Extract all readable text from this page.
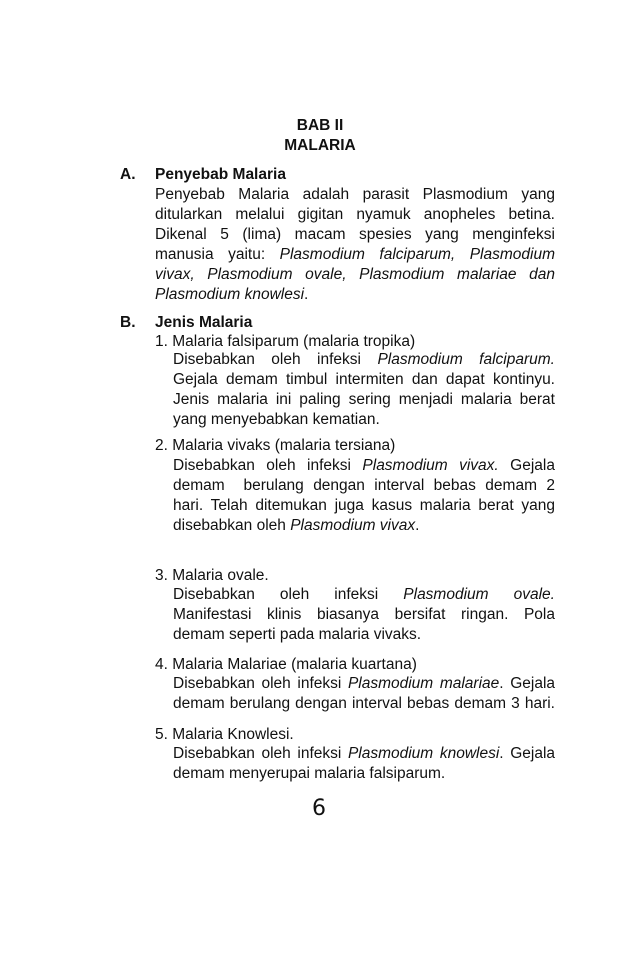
BAB II
MALARIA
A. Penyebab Malaria
Penyebab Malaria adalah parasit Plasmodium yang
ditularkan melalui gigitan nyamuk anopheles betina.
Dikenal 5 (lima) macam spesies yang menginfeksi
manusia yaitu: Plasmodium falciparum, Plasmodium
vivax, Plasmodium ovale, Plasmodium malariae dan
Plasmodium knowlesi.
B. Jenis Malaria
1. Malaria falsiparum (malaria tropika)
Disebabkan oleh infeksi Plasmodium falciparum.
Gejala demam timbul intermiten dan dapat kontinyu.
Jenis malaria ini paling sering menjadi malaria berat
yang menyebabkan kematian.
2. Malaria vivaks (malaria tersiana)
Disebabkan oleh infeksi Plasmodium vivax. Gejala
demam  berulang dengan interval bebas demam 2
hari. Telah ditemukan juga kasus malaria berat yang
disebabkan oleh Plasmodium vivax.
3. Malaria ovale.
Disebabkan oleh infeksi Plasmodium ovale.
Manifestasi klinis biasanya bersifat ringan. Pola
demam seperti pada malaria vivaks.
4. Malaria Malariae (malaria kuartana)
Disebabkan oleh infeksi Plasmodium malariae. Gejala
demam berulang dengan interval bebas demam 3 hari.
5. Malaria Knowlesi.
Disebabkan oleh infeksi Plasmodium knowlesi. Gejala
demam menyerupai malaria falsiparum.
6
